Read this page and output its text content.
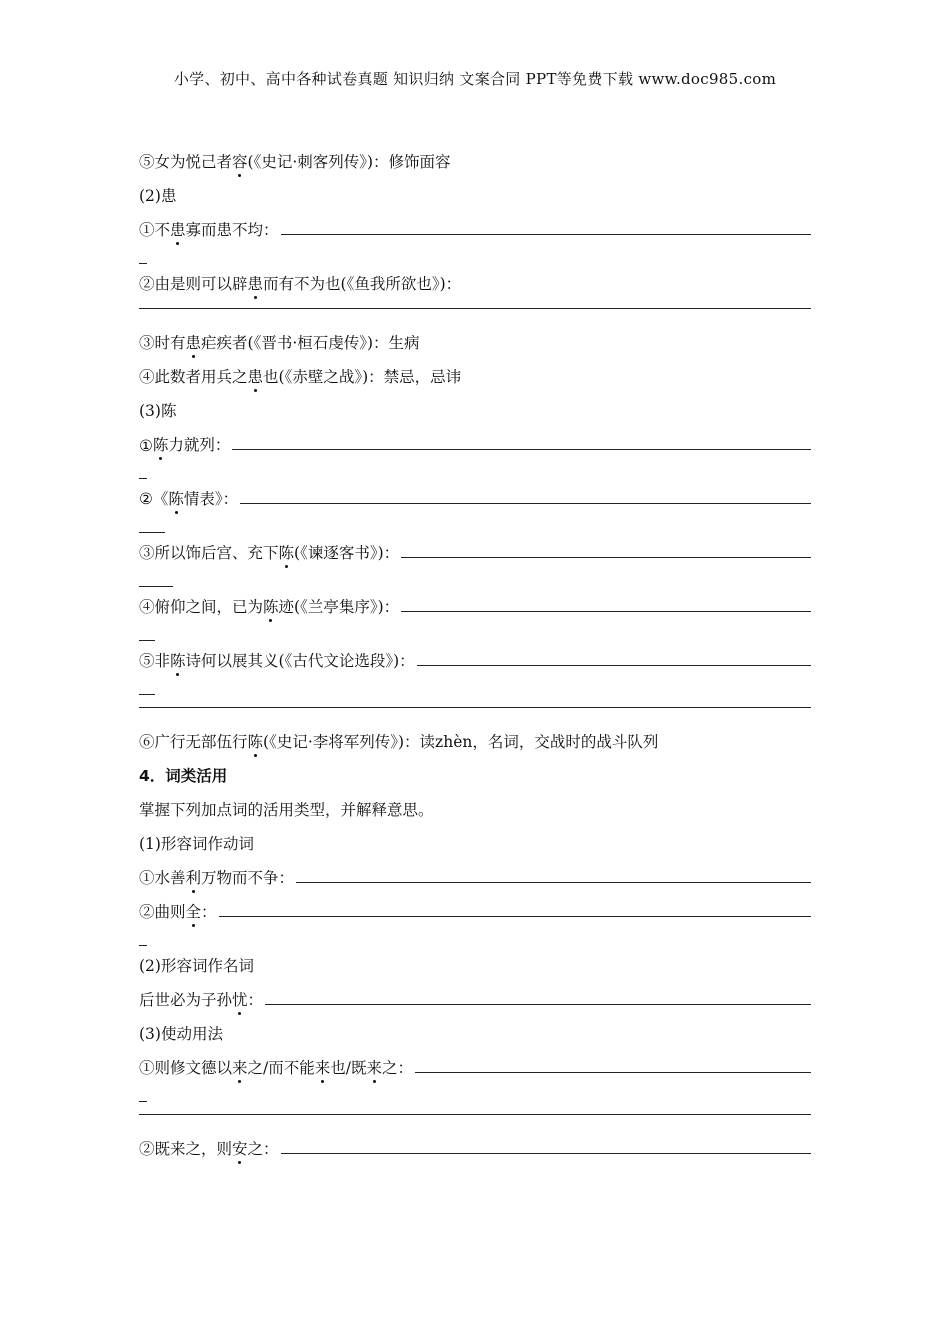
小学、初中、高中各种试卷真题 知识归纳 文案合同 PPT等免费下载 www.doc985.com
⑤女为悦己者 容 (《史记·刺客列传》)：修饰面容
(2)患
①不 患 寡而患不均：
②由是则可以辟 患 而有不为也(《鱼我所欲也》)：
③时有 患 疟疾者(《晋书·桓石虔传》)：生病
④此数者用兵之 患 也(《赤壁之战》)：禁忌，忌讳
(3)陈
① 陈 力就列：
②《 陈 情表》：
③所以饰后宫、充下 陈 (《谏逐客书》)：
④俯仰之间，已为 陈 迹(《兰亭集序》)：
⑤非 陈 诗何以展其义(《古代文论选段》)：
⑥广行无部伍行 陈 (《史记·李将军列传》)：读zhèn，名词，交战时的战斗队列
4．词类活用
掌握下列加点词的活用类型，并解释意思。
(1)形容词作动词
①水善 利 万物而不争：
②曲则 全 ：
(2)形容词作名词
后世必为子孙 忧 ：
(3)使动用法
①则修文德以 来 之/而不能 来 也/既 来 之：
②既来之，则 安 之：
